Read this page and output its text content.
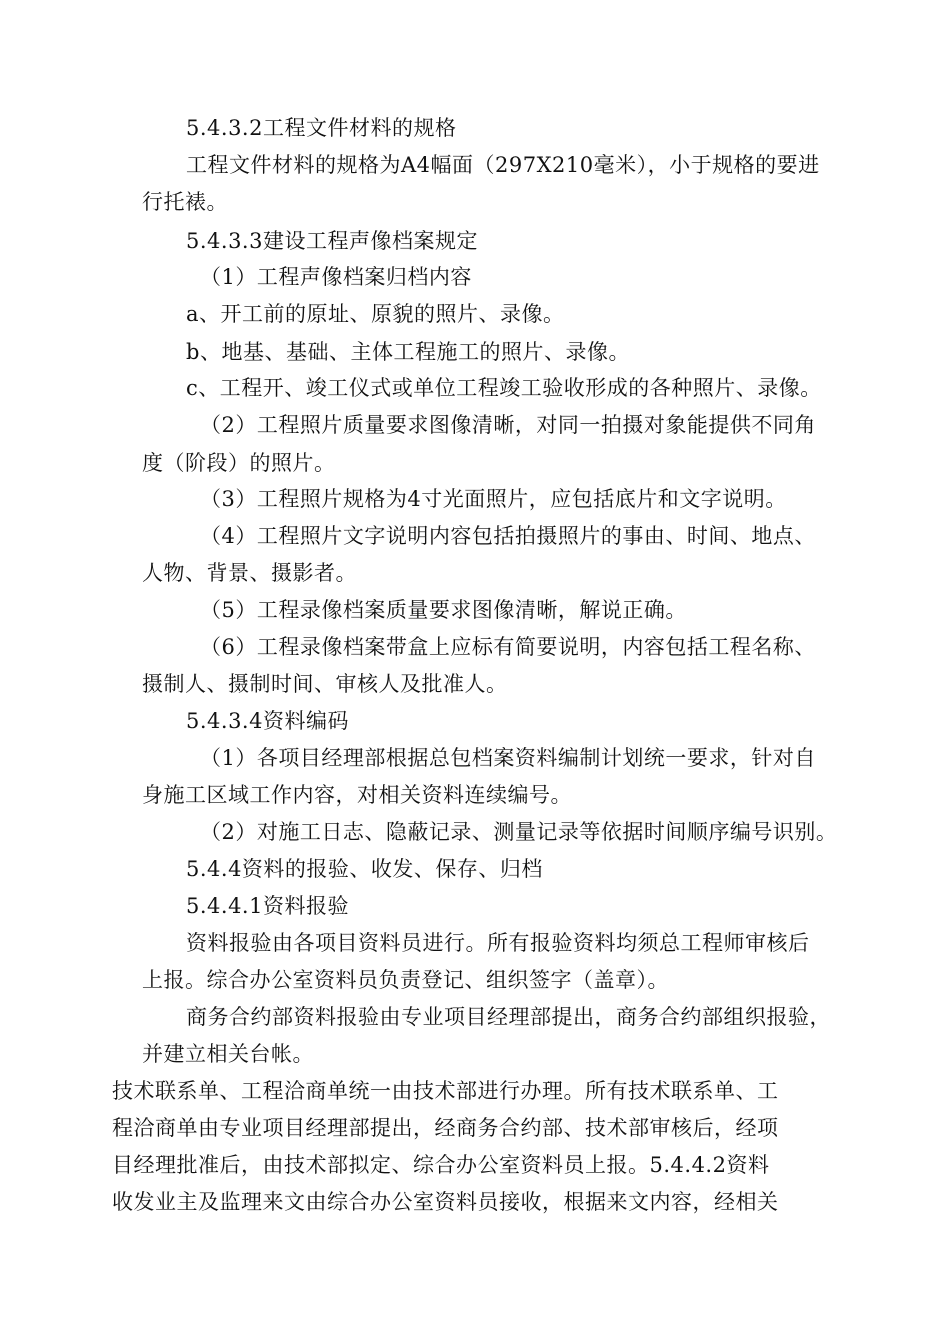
5.4.3.2工程文件材料的规格
工程文件材料的规格为A4幅面（297X210毫米），小于规格的要进
行托裱。
5.4.3.3建设工程声像档案规定
（1）工程声像档案归档内容
a、开工前的原址、原貌的照片、录像。
b、地基、基础、主体工程施工的照片、录像。
c、工程开、竣工仪式或单位工程竣工验收形成的各种照片、录像。
（2）工程照片质量要求图像清晰，对同一拍摄对象能提供不同角
度（阶段）的照片。
（3）工程照片规格为4寸光面照片，应包括底片和文字说明。
（4）工程照片文字说明内容包括拍摄照片的事由、时间、地点、
人物、背景、摄影者。
（5）工程录像档案质量要求图像清晰，解说正确。
（6）工程录像档案带盒上应标有简要说明，内容包括工程名称、
摄制人、摄制时间、审核人及批准人。
5.4.3.4资料编码
（1）各项目经理部根据总包档案资料编制计划统一要求，针对自
身施工区域工作内容，对相关资料连续编号。
（2）对施工日志、隐蔽记录、测量记录等依据时间顺序编号识别。
5.4.4资料的报验、收发、保存、归档
5.4.4.1资料报验
资料报验由各项目资料员进行。所有报验资料均须总工程师审核后
上报。综合办公室资料员负责登记、组织签字（盖章）。
商务合约部资料报验由专业项目经理部提出，商务合约部组织报验，
并建立相关台帐。
技术联系单、工程洽商单统一由技术部进行办理。所有技术联系单、工
程洽商单由专业项目经理部提出，经商务合约部、技术部审核后，经项
目经理批准后，由技术部拟定、综合办公室资料员上报。5.4.4.2资料
收发业主及监理来文由综合办公室资料员接收，根据来文内容，经相关
